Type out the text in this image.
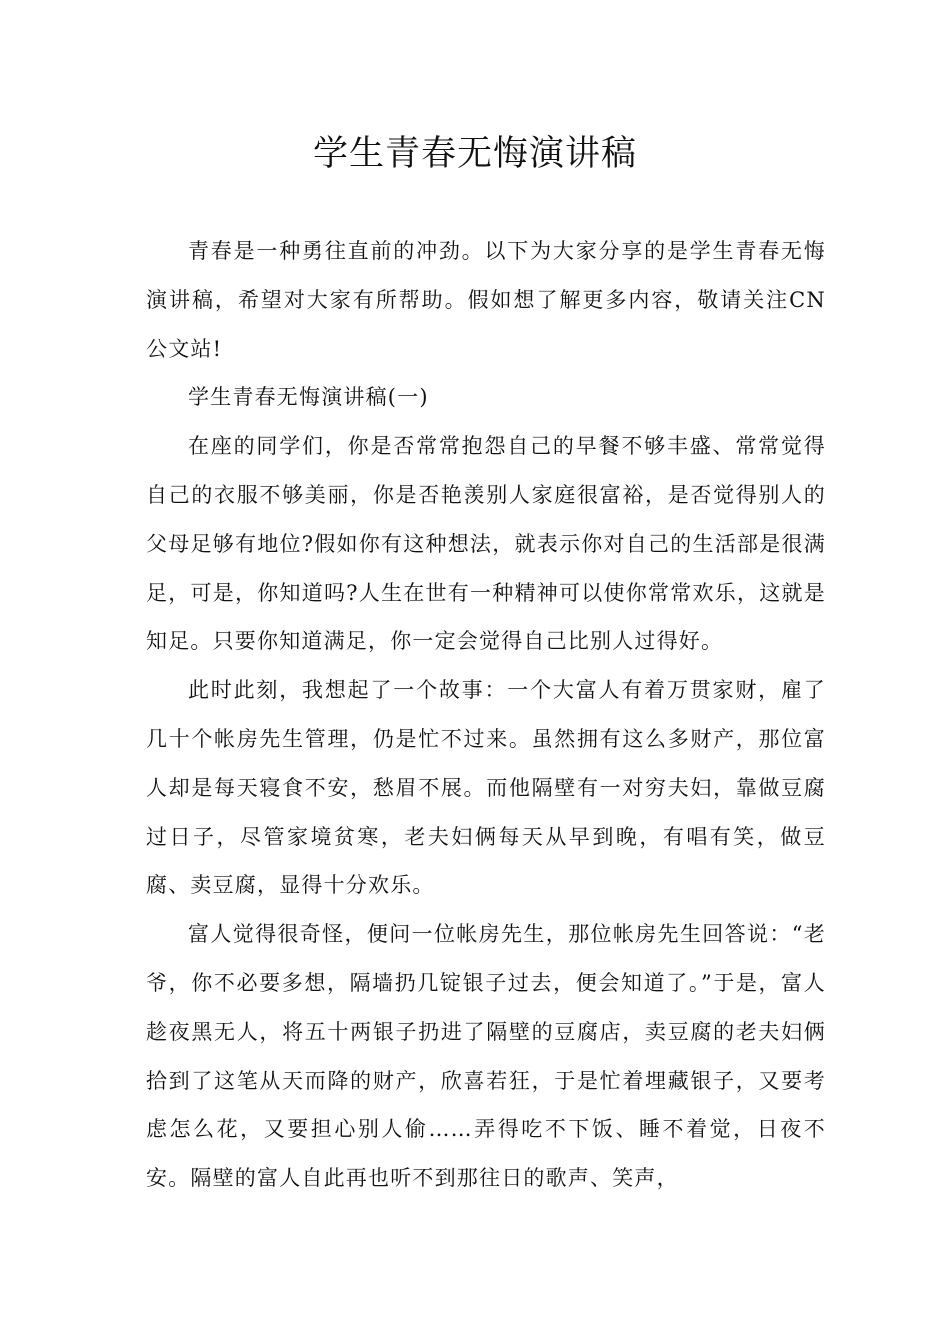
学生青春无悔演讲稿

青春是一种勇往直前的冲劲。以下为大家分享的是学生青春无悔演讲稿，希望对大家有所帮助。假如想了解更多内容，敬请关注CN公文站!

学生青春无悔演讲稿(一)

在座的同学们，你是否常常抱怨自己的早餐不够丰盛、常常觉得自己的衣服不够美丽，你是否艳羡别人家庭很富裕，是否觉得别人的父母足够有地位?假如你有这种想法，就表示你对自己的生活部是很满足，可是，你知道吗?人生在世有一种精神可以使你常常欢乐，这就是知足。只要你知道满足，你一定会觉得自己比别人过得好。

此时此刻，我想起了一个故事：一个大富人有着万贯家财，雇了几十个帐房先生管理，仍是忙不过来。虽然拥有这么多财产，那位富人却是每天寝食不安，愁眉不展。而他隔壁有一对穷夫妇，靠做豆腐过日子，尽管家境贫寒，老夫妇俩每天从早到晚，有唱有笑，做豆腐、卖豆腐，显得十分欢乐。

富人觉得很奇怪，便问一位帐房先生，那位帐房先生回答说：“老爷，你不必要多想，隔墙扔几锭银子过去，便会知道了。”于是，富人趁夜黑无人，将五十两银子扔进了隔壁的豆腐店，卖豆腐的老夫妇俩拾到了这笔从天而降的财产，欣喜若狂，于是忙着埋藏银子，又要考虑怎么花，又要担心别人偷……弄得吃不下饭、睡不着觉，日夜不安。隔壁的富人自此再也听不到那往日的歌声、笑声，
